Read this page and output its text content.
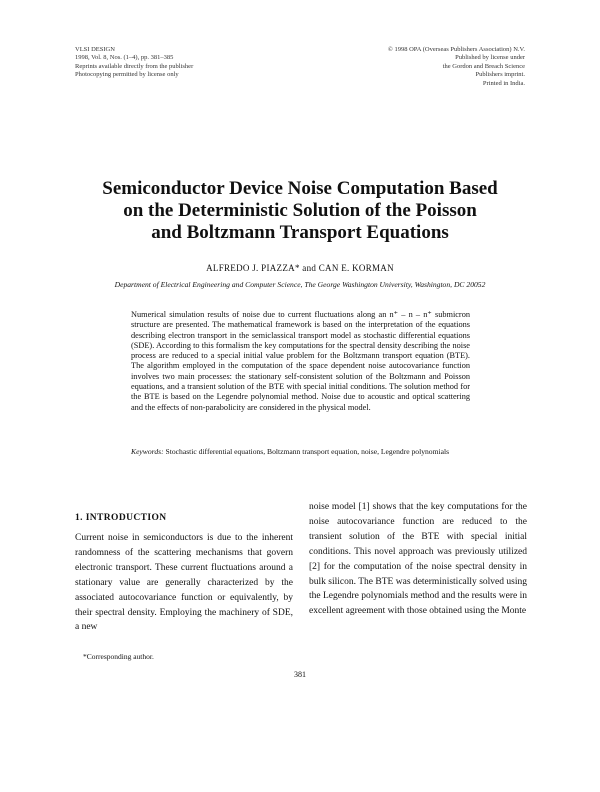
VLSI DESIGN
1998, Vol. 8, Nos. (1–4), pp. 381–385
Reprints available directly from the publisher
Photocopying permitted by license only
© 1998 OPA (Overseas Publishers Association) N.V.
Published by license under
the Gordon and Breach Science
Publishers imprint.
Printed in India.
Semiconductor Device Noise Computation Based
on the Deterministic Solution of the Poisson
and Boltzmann Transport Equations
ALFREDO J. PIAZZA* and CAN E. KORMAN
Department of Electrical Engineering and Computer Science, The George Washington University, Washington, DC 20052
Numerical simulation results of noise due to current fluctuations along an n⁺ – n – n⁺ submicron structure are presented. The mathematical framework is based on the interpretation of the equations describing electron transport in the semiclassical transport model as stochastic differential equations (SDE). According to this formalism the key computations for the spectral density describing the noise process are reduced to a special initial value problem for the Boltzmann transport equation (BTE). The algorithm employed in the computation of the space dependent noise autocovariance function involves two main processes: the stationary self-consistent solution of the Boltzmann and Poisson equations, and a transient solution of the BTE with special initial conditions. The solution method for the BTE is based on the Legendre polynomial method. Noise due to acoustic and optical scattering and the effects of non-parabolicity are considered in the physical model.
Keywords: Stochastic differential equations, Boltzmann transport equation, noise, Legendre polynomials
1. INTRODUCTION
Current noise in semiconductors is due to the inherent randomness of the scattering mechanisms that govern electronic transport. These current fluctuations around a stationary value are generally characterized by the associated autocovariance function or equivalently, by their spectral density. Employing the machinery of SDE, a new
noise model [1] shows that the key computations for the noise autocovariance function are reduced to the transient solution of the BTE with special initial conditions. This novel approach was previously utilized [2] for the computation of the noise spectral density in bulk silicon. The BTE was deterministically solved using the Legendre polynomials method and the results were in excellent agreement with those obtained using the Monte
*Corresponding author.
381
